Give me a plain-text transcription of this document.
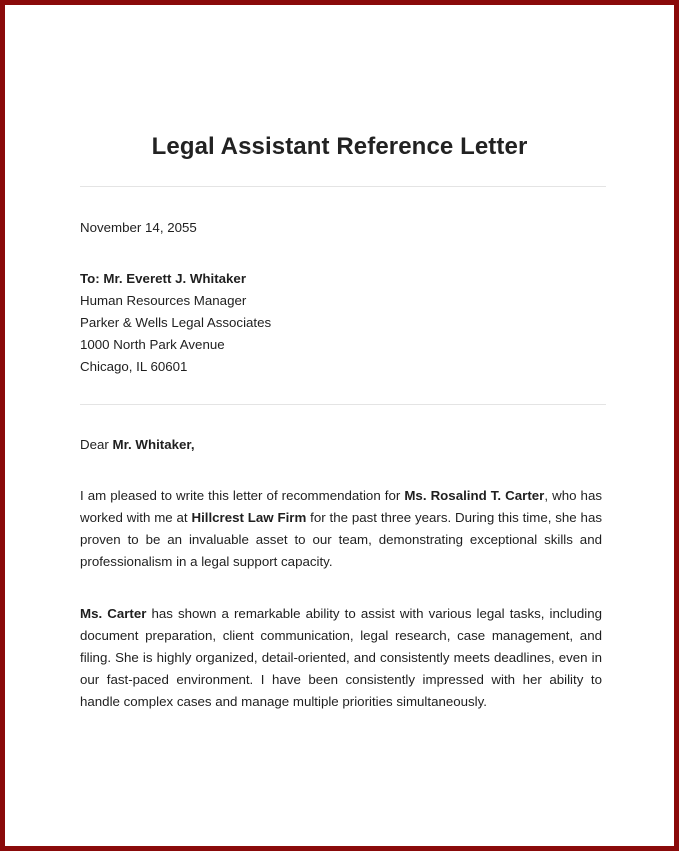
Legal Assistant Reference Letter
November 14, 2055
To: Mr. Everett J. Whitaker
Human Resources Manager
Parker & Wells Legal Associates
1000 North Park Avenue
Chicago, IL 60601
Dear Mr. Whitaker,

I am pleased to write this letter of recommendation for Ms. Rosalind T. Carter, who has worked with me at Hillcrest Law Firm for the past three years. During this time, she has proven to be an invaluable asset to our team, demonstrating exceptional skills and professionalism in a legal support capacity.

Ms. Carter has shown a remarkable ability to assist with various legal tasks, including document preparation, client communication, legal research, case management, and filing. She is highly organized, detail-oriented, and consistently meets deadlines, even in our fast-paced environment. I have been consistently impressed with her ability to handle complex cases and manage multiple priorities simultaneously.
